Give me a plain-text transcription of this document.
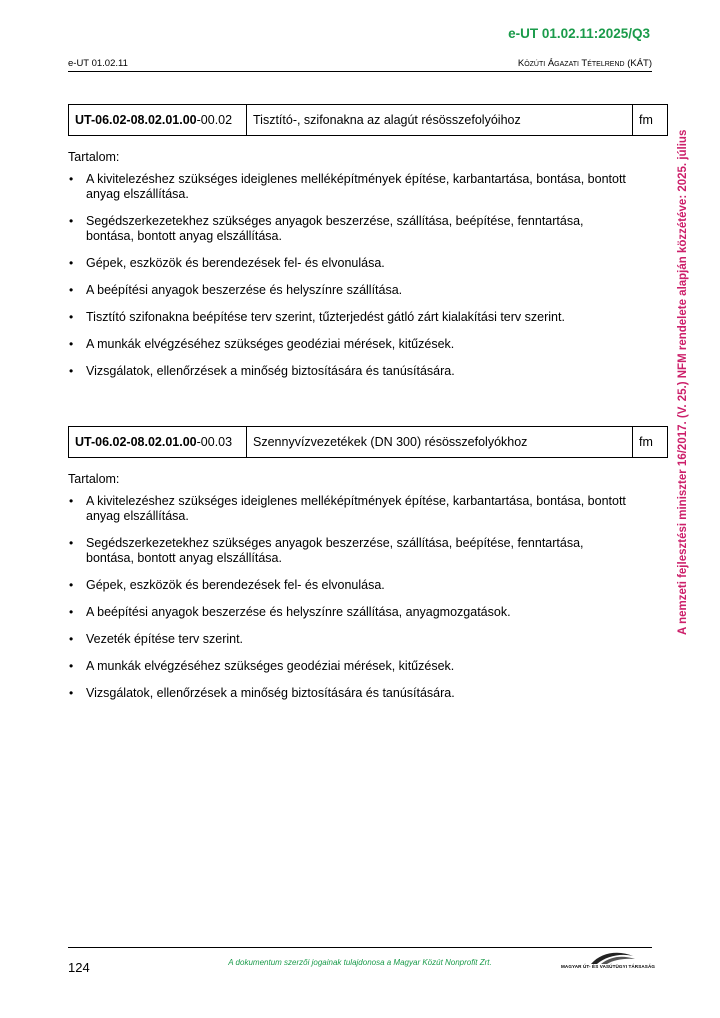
e-UT 01.02.11:2025/Q3
e-UT 01.02.11	Közúti Ágazati Tételrend (KÁT)
A nemzeti fejlesztési miniszter 16/2017. (V. 25.) NFM rendelete alapján közzétéve: 2025. július
UT-06.02-08.02.01.00-00.02	Tisztító-, szifonakna az alagút résösszefolyóihoz	fm
Tartalom:
• A kivitelezéshez szükséges ideiglenes melléképítmények építése, karbantartása, bontása, bontott anyag elszállítása.
• Segédszerkezetekhez szükséges anyagok beszerzése, szállítása, beépítése, fenntartása, bontása, bontott anyag elszállítása.
• Gépek, eszközök és berendezések fel- és elvonulása.
• A beépítési anyagok beszerzése és helyszínre szállítása.
• Tisztító szifonakna beépítése terv szerint, tűzterjedést gátló zárt kialakítási terv szerint.
• A munkák elvégzéséhez szükséges geodéziai mérések, kitűzések.
• Vizsgálatok, ellenőrzések a minőség biztosítására és tanúsítására.
UT-06.02-08.02.01.00-00.03	Szennyvízvezetékek (DN 300) résösszefolyókhoz	fm
Tartalom:
• A kivitelezéshez szükséges ideiglenes melléképítmények építése, karbantartása, bontása, bontott anyag elszállítása.
• Segédszerkezetekhez szükséges anyagok beszerzése, szállítása, beépítése, fenntartása, bontása, bontott anyag elszállítása.
• Gépek, eszközök és berendezések fel- és elvonulása.
• A beépítési anyagok beszerzése és helyszínre szállítása, anyagmozgatások.
• Vezeték építése terv szerint.
• A munkák elvégzéséhez szükséges geodéziai mérések, kitűzések.
• Vizsgálatok, ellenőrzések a minőség biztosítására és tanúsítására.
124	A dokumentum szerzői jogainak tulajdonosa a Magyar Közút Nonprofit Zrt.	MAGYAR ÚT- ÉS VASÚTÜGYI TÁRSASÁG
